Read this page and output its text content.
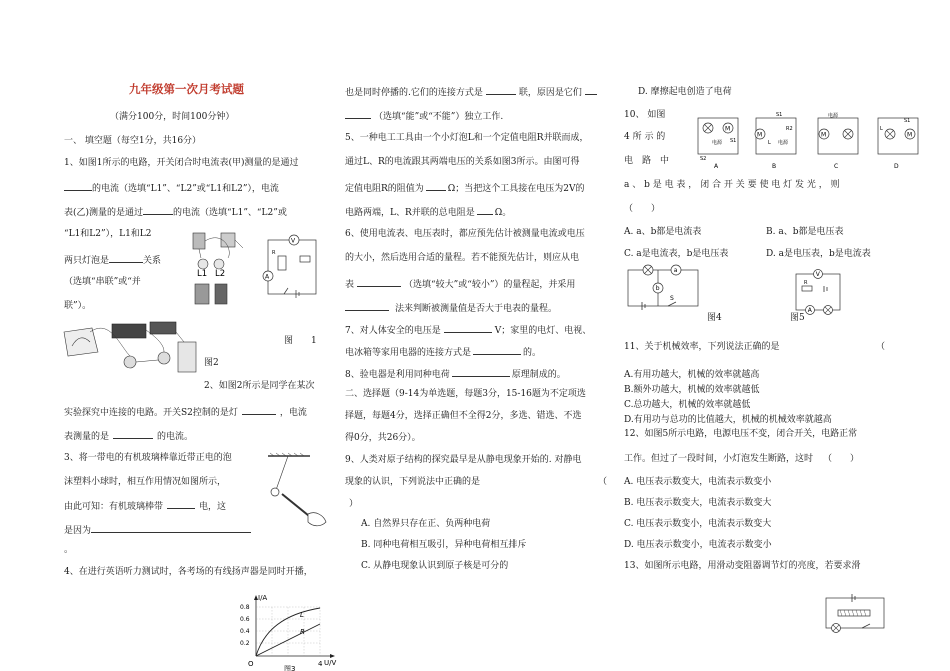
九年级第一次月考试题

（满分100分，时间100分钟）

一、 填空题（每空1分，共16分）

1、如图1所示的电路，开关闭合时电流表(甲)测量的是通过

的电流（选填“L1”、“L2”或“L1和L2”），电流

表(乙)测量的是通过	的电流（选填“L1”、“L2”或

“L1和L2”），L1和L2

两只灯泡是	关系

（选填“串联”或“并

联”）。

L1 L2
V
A
R

图　　1

图2

2、如图2所示是同学在某次

实验探究中连接的电路。开关S2控制的是灯	，电流

表测量的是	的电流。

3、将一带电的有机玻璃棒靠近带正电的泡

沫塑料小球时，相互作用情况如图所示，

由此可知：有机玻璃棒带	电，这

是因为

。

4、在进行英语听力测试时，各考场的有线扬声器是同时开播，

I/A
U/V
O
0.8
0.6
0.4
0.2
4
L
R
图3

也是同时停播的.它们的连接方式是	联，原因是它们

（选填“能”或“不能”）独立工作.

5、一种电工工具由一个小灯泡L和一个定值电阻R并联而成，

通过L、R的电流跟其两端电压的关系如图3所示。由图可得

定值电阻R的阻值为	Ω；当把这个工具接在电压为2V的

电路两端，L、R并联的总电阻是 Ω。

6、使用电流表、电压表时，都应预先估计被测量电流或电压

的大小，然后选用合适的量程。若不能预先估计，则应从电

表	（选填“较大”或“较小”）的量程起，并采用

法来判断被测量值是否大于电表的量程。

7、对人体安全的电压是	V；家里的电灯、电视、

电冰箱等家用电器的连接方式是	的。

8、验电器是利用同种电荷	原理制成的。

二、选择题（9-14为单选题，每题3分，15-16题为不定项选

择题，每题4分，选择正确但不全得2分，多选、错选、不选

得0分，共26分）。

9、人类对原子结构的探究最早是从静电现象开始的. 对静电

现象的认识，下列说法中正确的是	（

）

A. 自然界只存在正、负两种电荷

B. 同种电荷相互吸引，异种电荷相互排斥

C. 从静电现象认识到原子核是可分的

D. 摩擦起电创造了电荷

10、 如图

4 所 示 的

电　路　中

M
电源 S1
S2
A
M
S1
R2
L 电源
B
电源
M
C
M
S1
L
D

a 、 b 是 电 表 ， 闭 合 开 关 要 使 电 灯 发 光 ， 则

（　　）

A. a、b都是电流表	B. a、b都是电压表

C. a是电流表，b是电压表	D. a是电压表，b是电流表

a
b
S
V
R
A

图4	图5

11、关于机械效率，下列说法正确的是	（

A.有用功越大，机械的效率就越高

B.额外功越大，机械的效率就越低

C.总功越大，机械的效率就越低

D.有用功与总功的比值越大，机械的机械效率就越高

12、如图5所示电路，电源电压不变，闭合开关，电路正常

工作。但过了一段时间，小灯泡发生断路，这时 （　　）

A. 电压表示数变大，电流表示数变小

B. 电压表示数变大，电流表示数变大

C. 电压表示数变小，电流表示数变大

D. 电压表示数变小，电流表示数变小

13、如图所示电路，用滑动变阻器调节灯的亮度，若要求滑
